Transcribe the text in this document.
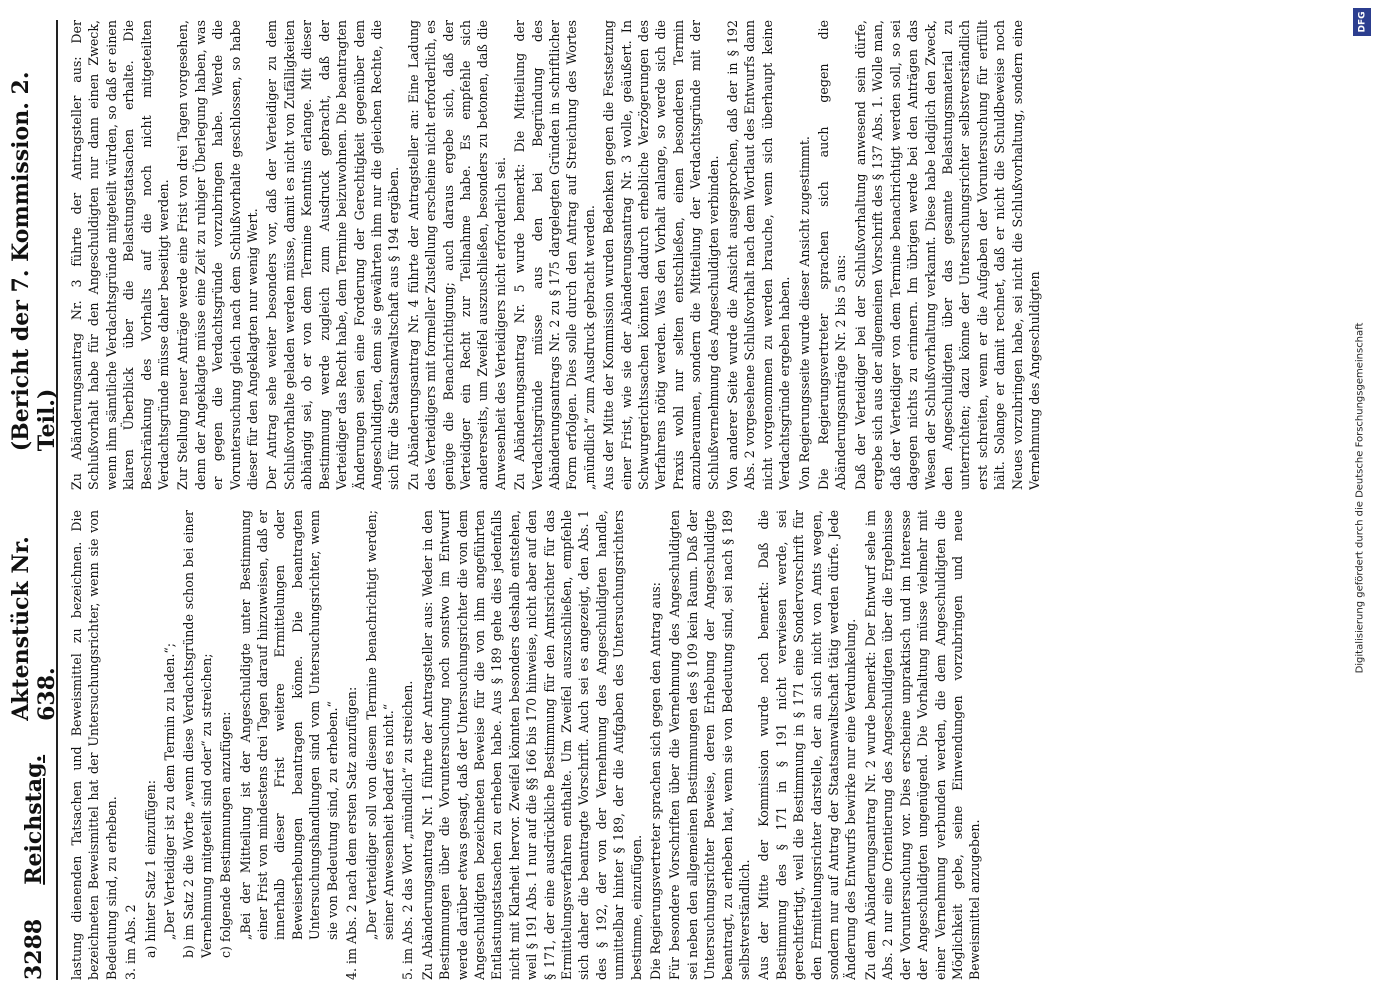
3288
Reichstag.
Aktenstück Nr. 638.
(Bericht der 7. Kommission. 2. Teil.)

lastung dienenden Tatsachen und Beweismittel zu bezeichnen. Die bezeichneten Beweismittel hat der Untersuchungsrichter, wenn sie von Bedeutung sind, zu erheben. 3. im Abs. 2 a) hinter Satz 1 einzufügen: „Der Verteidiger ist zu dem Termin zu laden.“; b) im Satz 2 die Worte „wenn diese Verdachtsgründe schon bei einer Vernehmung mitgeteilt sind oder“ zu streichen; c) folgende Bestimmungen anzufügen: „Bei der Mitteilung ist der Angeschuldigte unter Bestimmung einer Frist von mindestens drei Tagen darauf hinzuweisen, daß er innerhalb dieser Frist weitere Ermittelungen oder Beweiserhebungen beantragen könne. Die beantragten Untersuchungshandlungen sind vom Untersuchungsrichter, wenn sie von Bedeutung sind, zu erheben.“ 4. im Abs. 2 nach dem ersten Satz anzufügen: „Der Verteidiger soll von diesem Termine benachrichtigt werden; seiner Anwesenheit bedarf es nicht.“ 5. im Abs. 2 das Wort „mündlich“ zu streichen. Zu Abänderungsantrag Nr. 1 führte der Antragsteller aus: Weder in den Bestimmungen über die Voruntersuchung noch sonstwo im Entwurf werde darüber etwas gesagt, daß der Untersuchungsrichter die von dem Angeschuldigten bezeichneten Beweise für die von ihm angeführten Entlastungstatsachen zu erheben habe. Aus § 189 gehe dies jedenfalls nicht mit Klarheit hervor. Zweifel könnten besonders deshalb entstehen, weil § 191 Abs. 1 nur auf die §§ 166 bis 170 hinweise, nicht aber auf den § 171, der eine ausdrückliche Bestimmung für den Amtsrichter für das Ermittelungsverfahren enthalte. Um Zweifel auszuschließen, empfehle sich daher die beantragte Vorschrift. Auch sei es angezeigt, den Abs. 1 des § 192, der von der Vernehmung des Angeschuldigten handle, unmittelbar hinter § 189, der die Aufgaben des Untersuchungsrichters bestimme, einzufügen. Die Regierungsvertreter sprachen sich gegen den Antrag aus: Für besondere Vorschriften über die Vernehmung des Angeschuldigten sei neben den allgemeinen Bestimmungen des § 109 kein Raum. Daß der Untersuchungsrichter Beweise, deren Erhebung der Angeschuldigte beantragt, zu erheben hat, wenn sie von Bedeutung sind, sei nach § 189 selbstverständlich. Aus der Mitte der Kommission wurde noch bemerkt: Daß die Bestimmung des § 171 in § 191 nicht verwiesen werde, sei gerechtfertigt, weil die Bestimmung in § 171 eine Sondervorschrift für den Ermittelungsrichter darstelle, der an sich nicht von Amts wegen, sondern nur auf Antrag der Staatsanwaltschaft tätig werden dürfe. Jede Änderung des Entwurfs bewirke nur eine Verdunkelung. Zu dem Abänderungsantrag Nr. 2 wurde bemerkt: Der Entwurf sehe im Abs. 2 nur eine Orientierung des Angeschuldigten über die Ergebnisse der Voruntersuchung vor. Dies erscheine unpraktisch und im Interesse der Angeschuldigten ungenügend. Die Vorhaltung müsse vielmehr mit einer Vernehmung verbunden werden, die dem Angeschuldigten die Möglichkeit gebe, seine Einwendungen vorzubringen und neue Beweismittel anzugeben.

Zu Abänderungsantrag Nr. 3 führte der Antragsteller aus: Der Schlußvorhalt habe für den Angeschuldigten nur dann einen Zweck, wenn ihm sämtliche Verdachtsgründe mitgeteilt würden, so daß er einen klaren Überblick über die Belastungstatsachen erhalte. Die Beschränkung des Vorhalts auf die noch nicht mitgeteilten Verdachtsgründe müsse daher beseitigt werden. Zur Stellung neuer Anträge werde eine Frist von drei Tagen vorgesehen, denn der Angeklagte müsse eine Zeit zu ruhiger Überlegung haben, was er gegen die Verdachtsgründe vorzubringen habe. Werde die Voruntersuchung gleich nach dem Schlußvorhalte geschlossen, so habe dieser für den Angeklagten nur wenig Wert. Der Antrag sehe weiter besonders vor, daß der Verteidiger zu dem Schlußvorhalte geladen werden müsse, damit es nicht von Zufälligkeiten abhängig sei, ob er von dem Termine Kenntnis erlange. Mit dieser Bestimmung werde zugleich zum Ausdruck gebracht, daß der Verteidiger das Recht habe, dem Termine beizuwohnen. Die beantragten Änderungen seien eine Forderung der Gerechtigkeit gegenüber dem Angeschuldigten, denn sie gewährten ihm nur die gleichen Rechte, die sich für die Staatsanwaltschaft aus § 194 ergäben. Zu Abänderungsantrag Nr. 4 führte der Antragsteller an: Eine Ladung des Verteidigers mit formeller Zustellung erscheine nicht erforderlich, es genüge die Benachrichtigung; auch daraus ergebe sich, daß der Verteidiger ein Recht zur Teilnahme habe. Es empfehle sich andererseits, um Zweifel auszuschließen, besonders zu betonen, daß die Anwesenheit des Verteidigers nicht erforderlich sei. Zu Abänderungsantrag Nr. 5 wurde bemerkt: Die Mitteilung der Verdachtsgründe müsse aus den bei Begründung des Abänderungsantrags Nr. 2 zu § 175 dargelegten Gründen in schriftlicher Form erfolgen. Dies solle durch den Antrag auf Streichung des Wortes „mündlich“ zum Ausdruck gebracht werden. Aus der Mitte der Kommission wurden Bedenken gegen die Festsetzung einer Frist, wie sie der Abänderungsantrag Nr. 3 wolle, geäußert. In Schwurgerichtssachen könnten dadurch erhebliche Verzögerungen des Verfahrens nötig werden. Was den Vorhalt anlange, so werde sich die Praxis wohl nur selten entschließen, einen besonderen Termin anzuberaumen, sondern die Mitteilung der Verdachtsgründe mit der Schlußvernehmung des Angeschuldigten verbinden. Von anderer Seite wurde die Ansicht ausgesprochen, daß der in § 192 Abs. 2 vorgesehene Schlußvorhalt nach dem Wortlaut des Entwurfs dann nicht vorgenommen zu werden brauche, wenn sich überhaupt keine Verdachtsgründe ergeben haben. Von Regierungsseite wurde dieser Ansicht zugestimmt. Die Regierungsvertreter sprachen sich auch gegen die Abänderungsanträge Nr. 2 bis 5 aus: Daß der Verteidiger bei der Schlußvorhaltung anwesend sein dürfe, ergebe sich aus der allgemeinen Vorschrift des § 137 Abs. 1. Wolle man, daß der Verteidiger von dem Termine benachrichtigt werden soll, so sei dagegen nichts zu erinnern. Im übrigen werde bei den Anträgen das Wesen der Schlußvorhaltung verkannt. Diese habe lediglich den Zweck, den Angeschuldigten über das gesamte Belastungsmaterial zu unterrichten; dazu könne der Untersuchungsrichter selbstverständlich erst schreiten, wenn er die Aufgaben der Voruntersuchung für erfüllt hält. Solange er damit rechnet, daß er nicht die Schuldbeweise noch Neues vorzubringen habe, sei nicht die Schlußvorhaltung, sondern eine Vernehmung des Angeschuldigten	Digitalisierung gefördert durch die Deutsche Forschungsgemeinschaft
DFG
